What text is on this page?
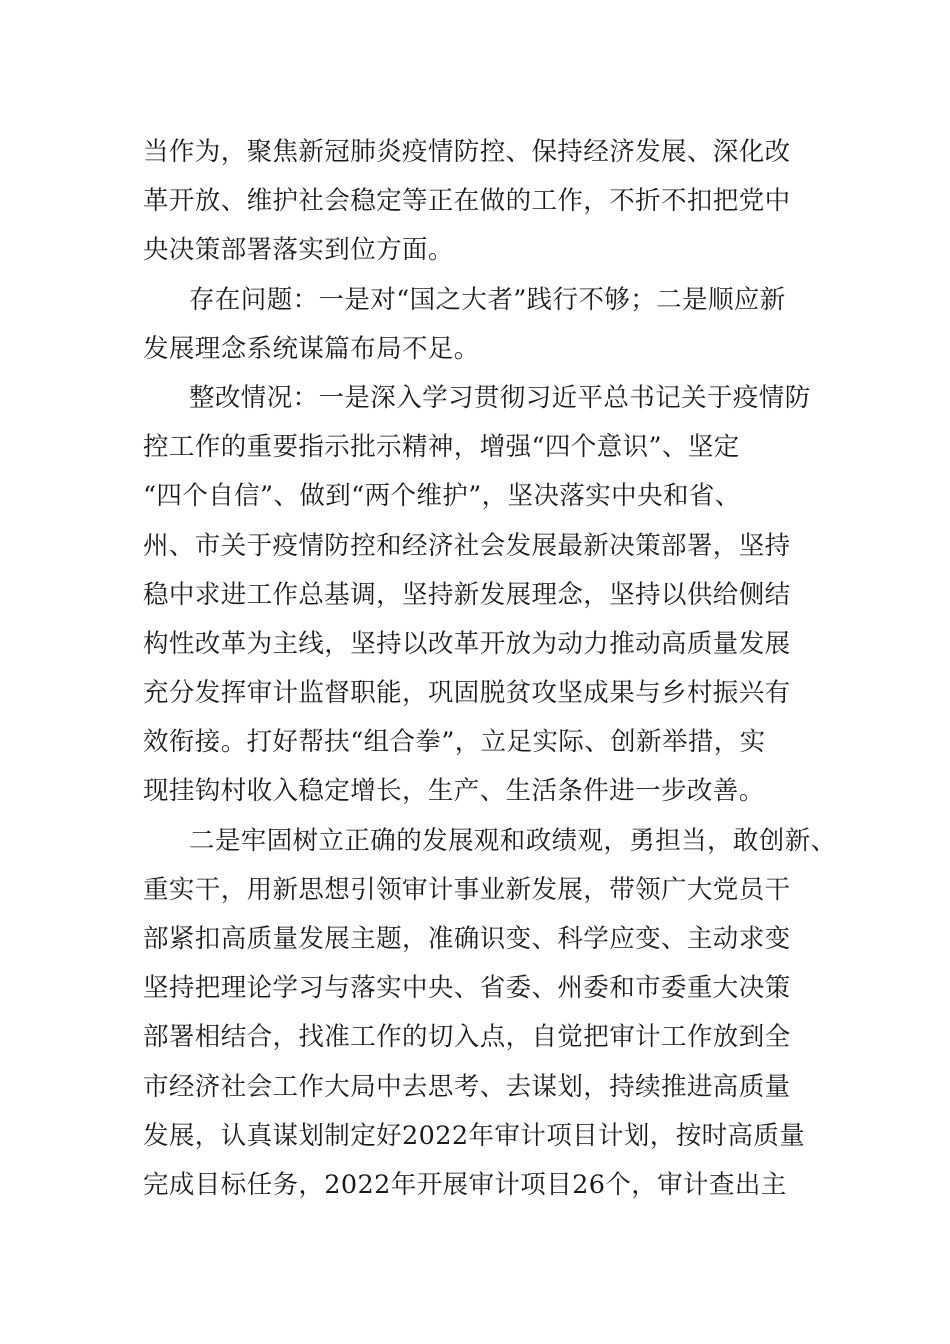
当作为，聚焦新冠肺炎疫情防控、保持经济发展、深化改
革开放、维护社会稳定等正在做的工作，不折不扣把党中
央决策部署落实到位方面。
存在问题：一是对“国之大者”践行不够；二是顺应新
发展理念系统谋篇布局不足。
整改情况：一是深入学习贯彻习近平总书记关于疫情防
控工作的重要指示批示精神，增强“四个意识”、坚定
“四个自信”、做到“两个维护”，坚决落实中央和省、
州、市关于疫情防控和经济社会发展最新决策部署，坚持
稳中求进工作总基调，坚持新发展理念，坚持以供给侧结
构性改革为主线，坚持以改革开放为动力推动高质量发展
充分发挥审计监督职能，巩固脱贫攻坚成果与乡村振兴有
效衔接。打好帮扶“组合拳”，立足实际、创新举措，实
现挂钩村收入稳定增长，生产、生活条件进一步改善。
二是牢固树立正确的发展观和政绩观，勇担当，敢创新、
重实干，用新思想引领审计事业新发展，带领广大党员干
部紧扣高质量发展主题，准确识变、科学应变、主动求变
坚持把理论学习与落实中央、省委、州委和市委重大决策
部署相结合，找准工作的切入点，自觉把审计工作放到全
市经济社会工作大局中去思考、去谋划，持续推进高质量
发展，认真谋划制定好2022年审计项目计划，按时高质量
完成目标任务，2022年开展审计项目26个，审计查出主
